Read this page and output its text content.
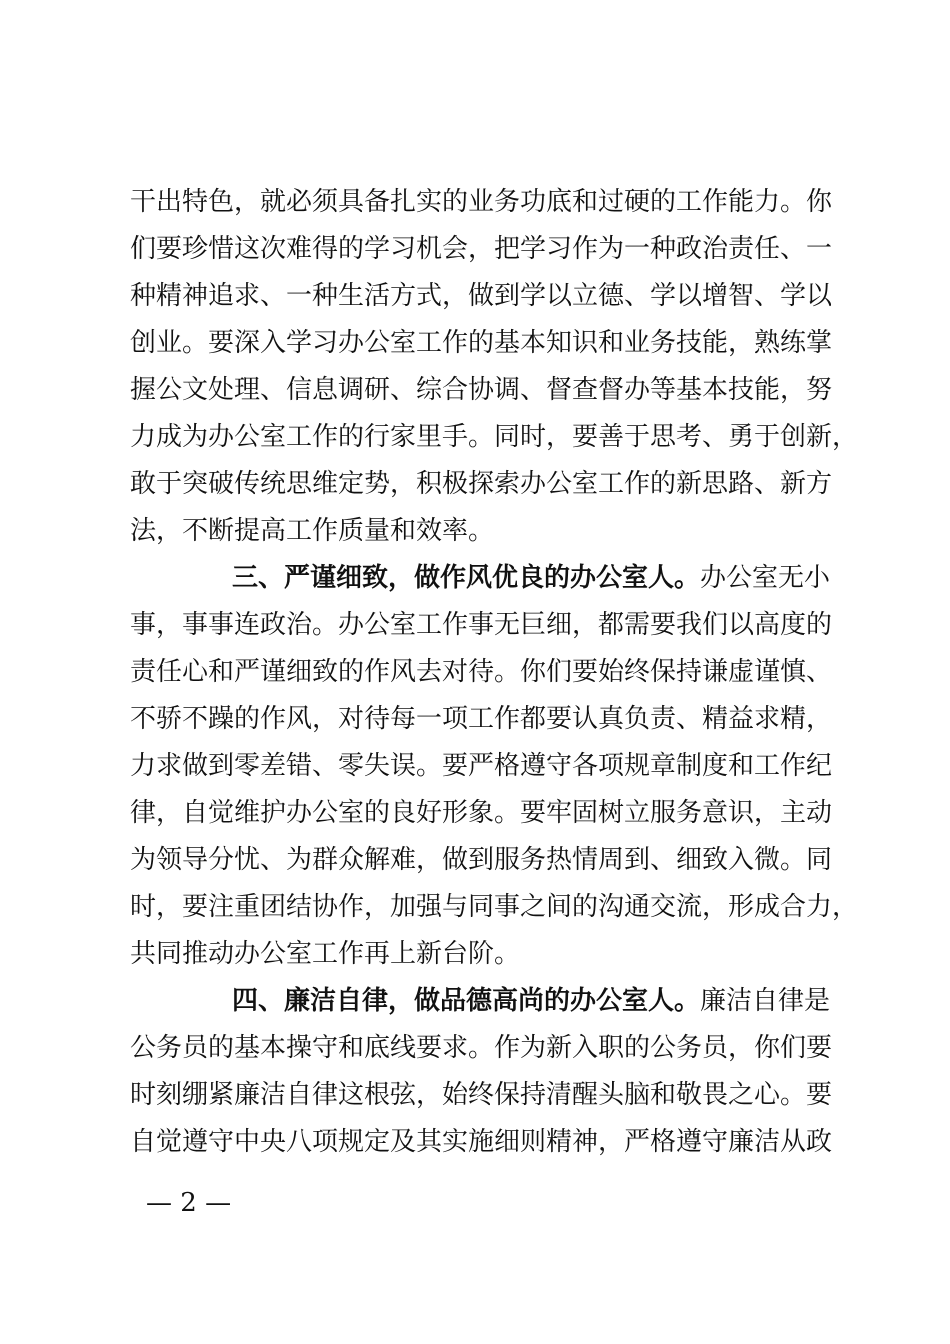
干出特色，就必须具备扎实的业务功底和过硬的工作能力。你
们要珍惜这次难得的学习机会，把学习作为一种政治责任、一
种精神追求、一种生活方式，做到学以立德、学以增智、学以
创业。要深入学习办公室工作的基本知识和业务技能，熟练掌
握公文处理、信息调研、综合协调、督查督办等基本技能，努
力成为办公室工作的行家里手。同时，要善于思考、勇于创新，
敢于突破传统思维定势，积极探索办公室工作的新思路、新方
法，不断提高工作质量和效率。
三、严谨细致，做作风优良的办公室人。办公室无小
事，事事连政治。办公室工作事无巨细，都需要我们以高度的
责任心和严谨细致的作风去对待。你们要始终保持谦虚谨慎、
不骄不躁的作风，对待每一项工作都要认真负责、精益求精，
力求做到零差错、零失误。要严格遵守各项规章制度和工作纪
律，自觉维护办公室的良好形象。要牢固树立服务意识，主动
为领导分忧、为群众解难，做到服务热情周到、细致入微。同
时，要注重团结协作，加强与同事之间的沟通交流，形成合力，
共同推动办公室工作再上新台阶。
四、廉洁自律，做品德高尚的办公室人。廉洁自律是
公务员的基本操守和底线要求。作为新入职的公务员，你们要
时刻绷紧廉洁自律这根弦，始终保持清醒头脑和敬畏之心。要
自觉遵守中央八项规定及其实施细则精神，严格遵守廉洁从政
— 2 —
